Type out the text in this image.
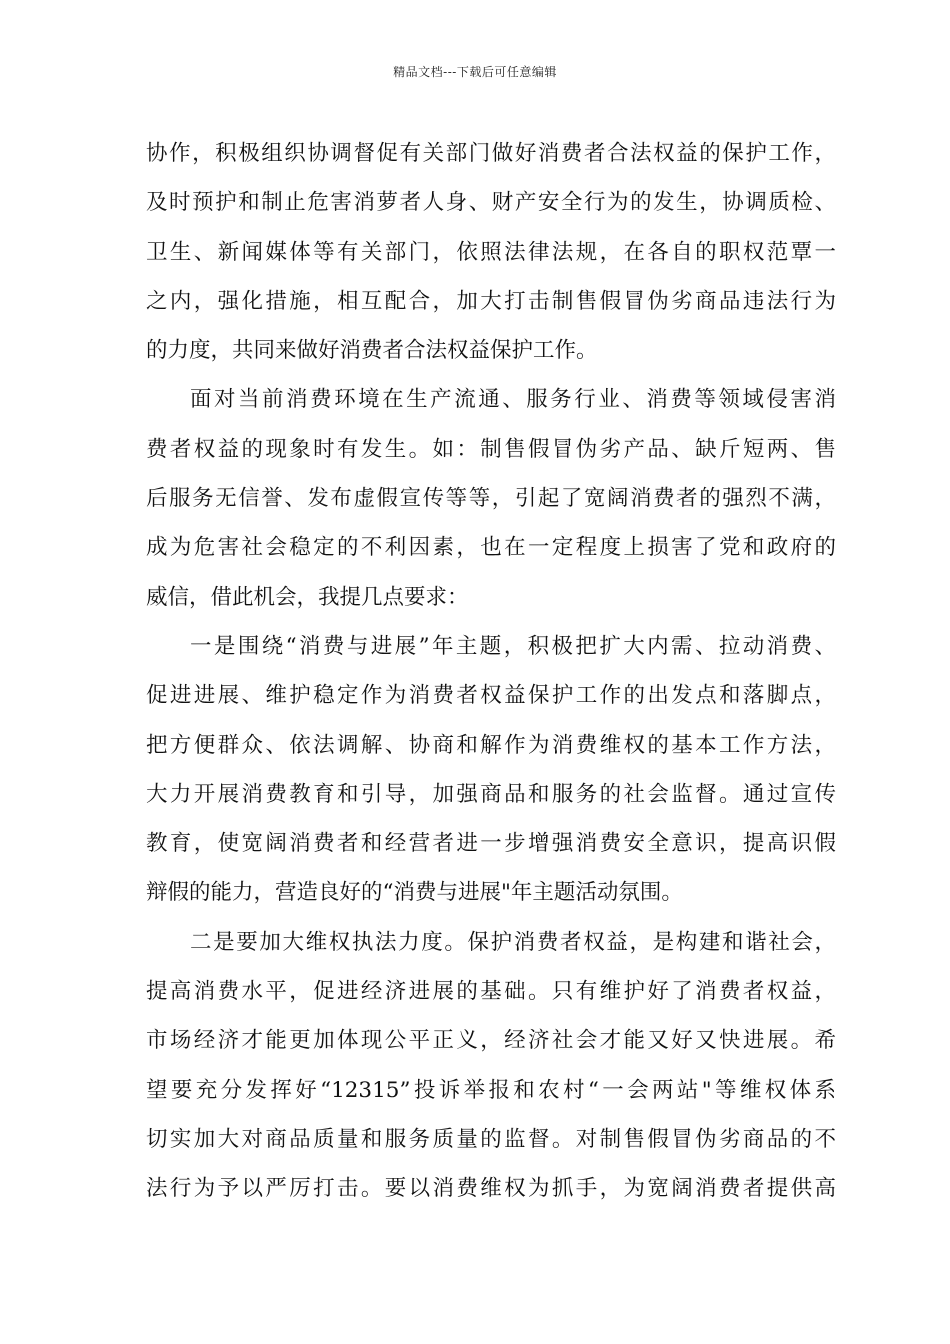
精品文档---下载后可任意编辑
协作，积极组织协调督促有关部门做好消费者合法权益的保护工作，
及时预护和制止危害消萝者人身、财产安全行为的发生，协调质检、
卫生、新闻媒体等有关部门，依照法律法规，在各自的职权范覃一
之内，强化措施，相互配合，加大打击制售假冒伪劣商品违法行为
的力度，共同来做好消费者合法权益保护工作。
面对当前消费环境在生产流通、服务行业、消费等领域侵害消
费者权益的现象时有发生。如：制售假冒伪劣产品、缺斤短两、售
后服务无信誉、发布虚假宣传等等，引起了宽阔消费者的强烈不满，
成为危害社会稳定的不利因素，也在一定程度上损害了党和政府的
威信，借此机会，我提几点要求：
一是围绕“消费与进展”年主题，积极把扩大内需、拉动消费、
促进进展、维护稳定作为消费者权益保护工作的出发点和落脚点，
把方便群众、依法调解、协商和解作为消费维权的基本工作方法，
大力开展消费教育和引导，加强商品和服务的社会监督。通过宣传
教育，使宽阔消费者和经营者进一步增强消费安全意识，提高识假
辩假的能力，营造良好的“消费与进展"年主题活动氛围。
二是要加大维权执法力度。保护消费者权益，是构建和谐社会，
提高消费水平，促进经济进展的基础。只有维护好了消费者权益，
市场经济才能更加体现公平正义，经济社会才能又好又快进展。希
望要充分发挥好“12315”投诉举报和农村“一会两站"等维权体系
切实加大对商品质量和服务质量的监督。对制售假冒伪劣商品的不
法行为予以严厉打击。要以消费维权为抓手，为宽阔消费者提供高
